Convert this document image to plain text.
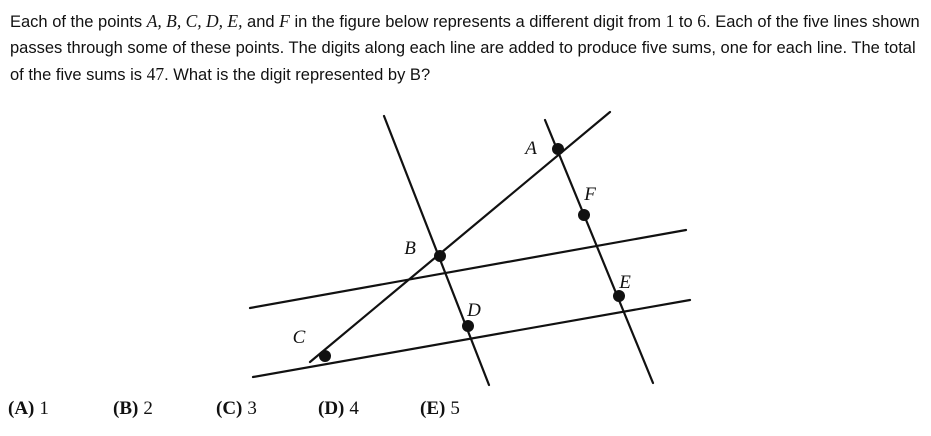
Each of the points A, B, C, D, E, and F in the figure below represents a different digit from 1 to 6. Each of the five lines shown passes through some of these points. The digits along each line are added to produce five sums, one for each line. The total of the five sums is 47. What is the digit represented by B?
A
B
C
D
E
F
(A) 1	(B) 2	(C) 3	(D) 4	(E) 5
